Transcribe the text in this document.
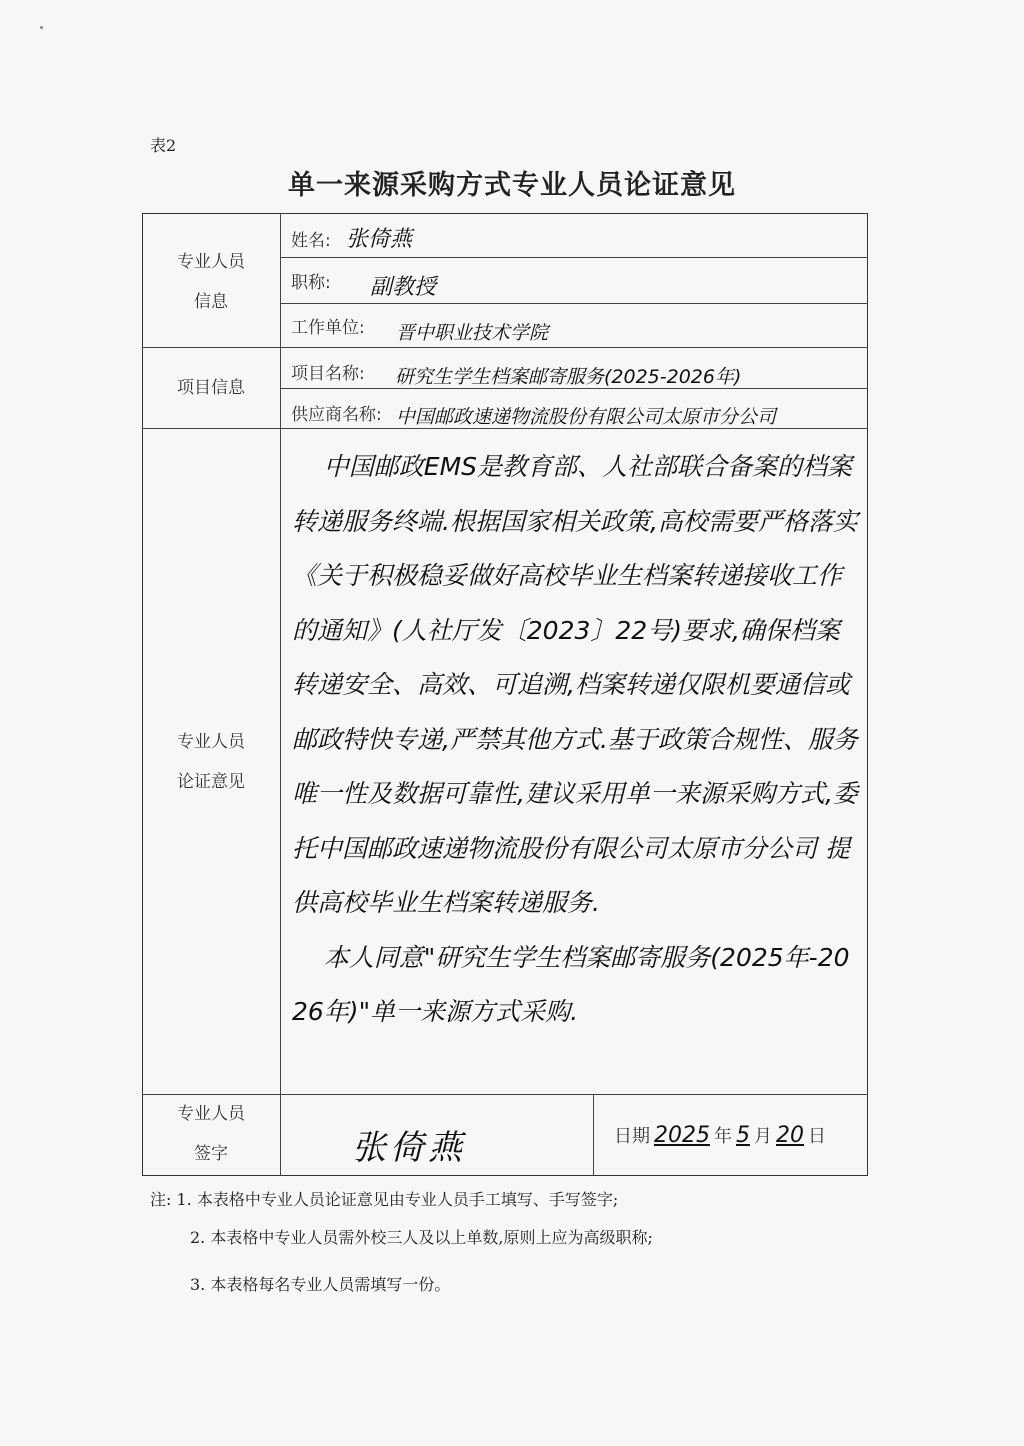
表2
单一来源采购方式专业人员论证意见
专业人员
信息
姓名: 张倚燕
职称: 副教授
工作单位: 晋中职业技术学院
项目信息
项目名称: 研究生学生档案邮寄服务(2025-2026年)
供应商名称: 中国邮政速递物流股份有限公司太原市分公司
专业人员
论证意见
中国邮政EMS是教育部、人社部联合备案的档案转递服务终端.根据国家相关政策,高校需要严格落实《关于积极稳妥做好高校毕业生档案转递接收工作的通知》(人社厅发〔2023〕22号)要求,确保档案转递安全、高效、可追溯,档案转递仅限机要通信或邮政特快专递,严禁其他方式.基于政策合规性、服务唯一性及数据可靠性,建议采用单一来源采购方式,委托中国邮政速递物流股份有限公司太原市分公司 提供高校毕业生档案转递服务.
本人同意"研究生学生档案邮寄服务(2025年-2026年)"单一来源方式采购.
专业人员
签字	张倚燕	日期 2025 年 5 月 20 日
注: 1. 本表格中专业人员论证意见由专业人员手工填写、手写签字;
2. 本表格中专业人员需外校三人及以上单数,原则上应为高级职称;
3. 本表格每名专业人员需填写一份。
